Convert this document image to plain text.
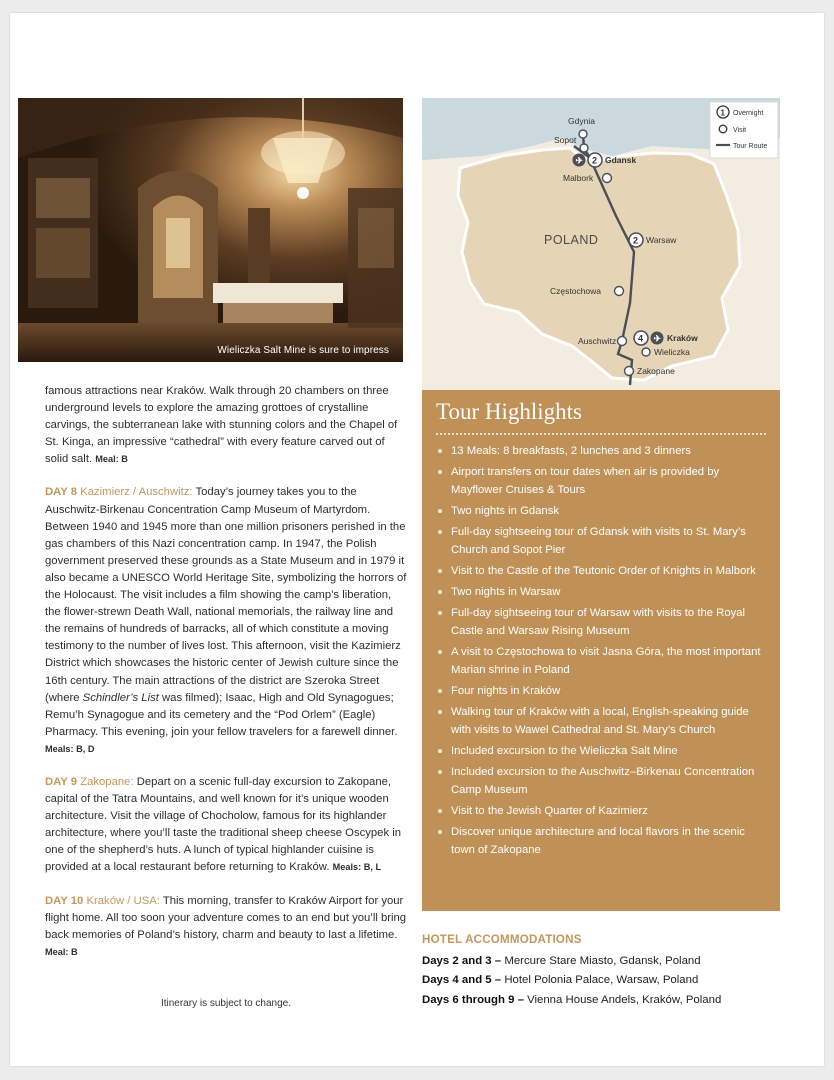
Wieliczka Salt Mine is sure to impress

famous attractions near Kraków. Walk through 20 chambers on three underground levels to explore the amazing grottoes of crystalline carvings, the subterranean lake with stunning colors and the Chapel of St. Kinga, an impressive “cathedral” with every feature carved out of solid salt. Meal: B

DAY 8 Kazimierz / Auschwitz: Today’s journey takes you to the Auschwitz-Birkenau Concentration Camp Museum of Martyrdom. Between 1940 and 1945 more than one million prisoners perished in the gas chambers of this Nazi concentration camp. In 1947, the Polish government preserved these grounds as a State Museum and in 1979 it also became a UNESCO World Heritage Site, symbolizing the horrors of the Holocaust. The visit includes a film showing the camp’s liberation, the flower-strewn Death Wall, national memorials, the railway line and the remains of hundreds of barracks, all of which constitute a moving testimony to the number of lives lost. This afternoon, visit the Kazimierz District which showcases the historic center of Jewish culture since the 16th century. The main attractions of the district are Szeroka Street (where Schindler’s List was filmed); Isaac, High and Old Synagogues; Remu’h Synagogue and its cemetery and the “Pod Orlem” (Eagle) Pharmacy. This evening, join your fellow travelers for a farewell dinner. Meals: B, D

DAY 9 Zakopane: Depart on a scenic full-day excursion to Zakopane, capital of the Tatra Mountains, and well known for it’s unique wooden architecture. Visit the village of Chocholow, famous for its highlander architecture, where you’ll taste the traditional sheep cheese Oscypek in one of the shepherd’s huts. A lunch of typical highlander cuisine is provided at a local restaurant before returning to Kraków. Meals: B, L

DAY 10 Kraków / USA: This morning, transfer to Kraków Airport for your flight home. All too soon your adventure comes to an end but you’ll bring back memories of Poland’s history, charm and beauty to last a lifetime. Meal: B

Itinerary is subject to change.
Gdynia
Sopot
✈ 2 Gdansk
Malbork
POLAND	2 Warsaw
Częstochowa
Auschwitz 4 ✈ Kraków
Wieliczka
Zakopane
1 Overnight
Visit
Tour Route
Tour Highlights
13 Meals: 8 breakfasts, 2 lunches and 3 dinners
Airport transfers on tour dates when air is provided by Mayflower Cruises & Tours
Two nights in Gdansk
Full-day sightseeing tour of Gdansk with visits to St. Mary’s Church and Sopot Pier
Visit to the Castle of the Teutonic Order of Knights in Malbork
Two nights in Warsaw
Full-day sightseeing tour of Warsaw with visits to the Royal Castle and Warsaw Rising Museum
A visit to Częstochowa to visit Jasna Góra, the most important Marian shrine in Poland
Four nights in Kraków
Walking tour of Kraków with a local, English-speaking guide with visits to Wawel Cathedral and St. Mary’s Church
Included excursion to the Wieliczka Salt Mine
Included excursion to the Auschwitz–Birkenau Concentration Camp Museum
Visit to the Jewish Quarter of Kazimierz
Discover unique architecture and local flavors in the scenic town of Zakopane
HOTEL ACCOMMODATIONS
Days 2 and 3 – Mercure Stare Miasto, Gdansk, Poland
Days 4 and 5 – Hotel Polonia Palace, Warsaw, Poland
Days 6 through 9 – Vienna House Andels, Kraków, Poland
